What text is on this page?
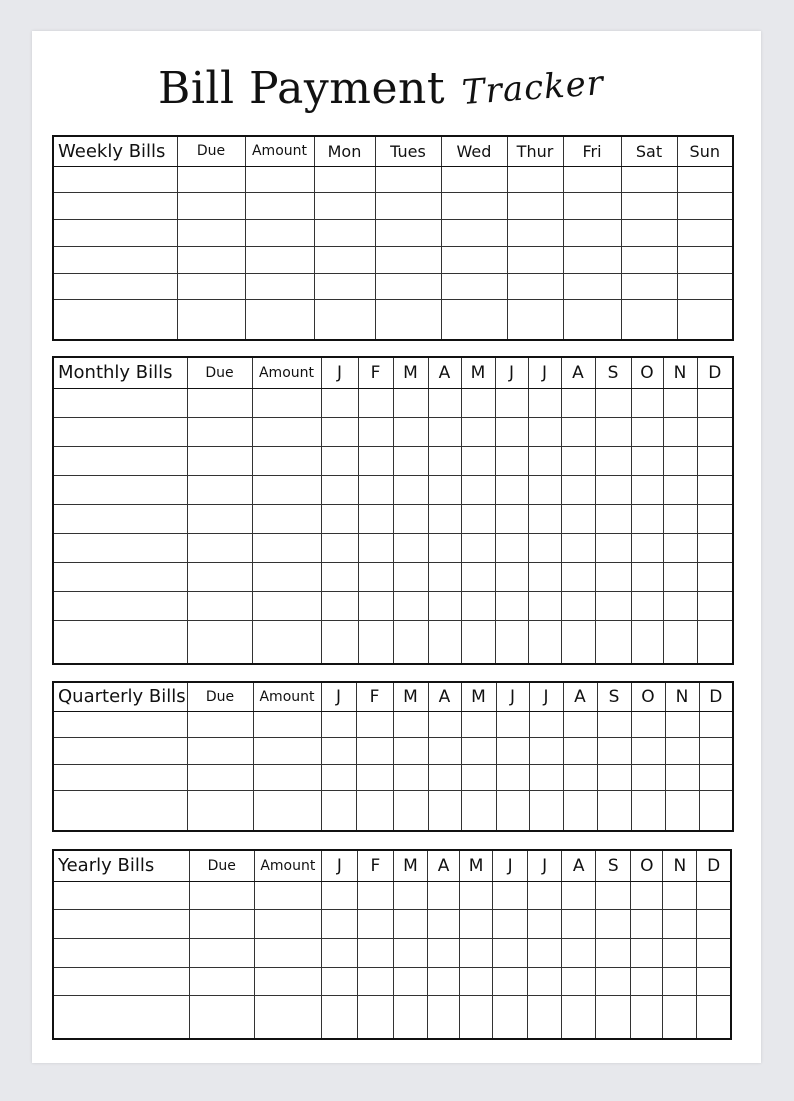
Bill Payment Tracker
Weekly Bills	Due	Amount	Mon	Tues	Wed	Thur	Fri	Sat	Sun

Monthly Bills	Due	Amount	J	F	M	A	M	J	J	A	S	O	N	D

Quarterly Bills	Due	Amount	J	F	M	A	M	J	J	A	S	O	N	D

Yearly Bills	Due	Amount	J	F	M	A	M	J	J	A	S	O	N	D
